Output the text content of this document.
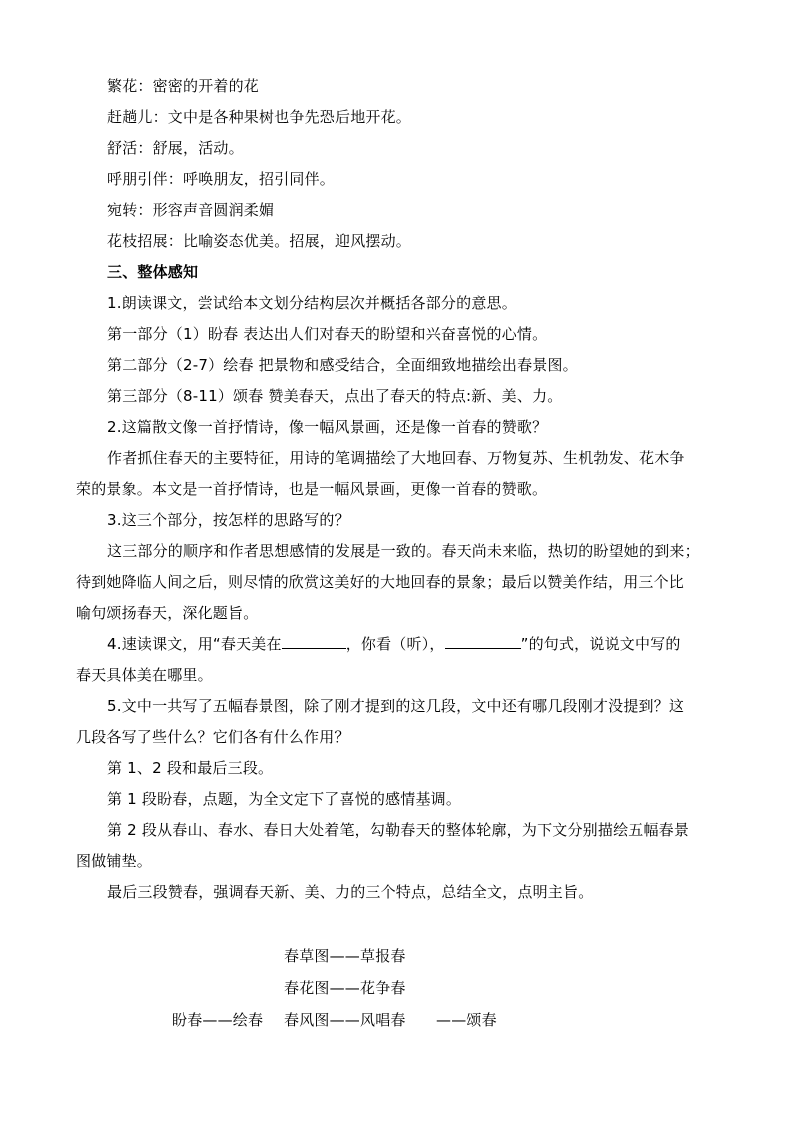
繁花：密密的开着的花
赶趟儿：文中是各种果树也争先恐后地开花。
舒活：舒展，活动。
呼朋引伴：呼唤朋友，招引同伴。
宛转：形容声音圆润柔媚
花枝招展：比喻姿态优美。招展，迎风摆动。
三、整体感知
1.朗读课文，尝试给本文划分结构层次并概括各部分的意思。
第一部分（1）盼春 表达出人们对春天的盼望和兴奋喜悦的心情。
第二部分（2-7）绘春 把景物和感受结合，全面细致地描绘出春景图。
第三部分（8-11）颂春 赞美春天，点出了春天的特点:新、美、力。
2.这篇散文像一首抒情诗，像一幅风景画，还是像一首春的赞歌？
作者抓住春天的主要特征，用诗的笔调描绘了大地回春、万物复苏、生机勃发、花木争
荣的景象。本文是一首抒情诗，也是一幅风景画，更像一首春的赞歌。
3.这三个部分，按怎样的思路写的？
这三部分的顺序和作者思想感情的发展是一致的。春天尚未来临，热切的盼望她的到来；
待到她降临人间之后，则尽情的欣赏这美好的大地回春的景象；最后以赞美作结，用三个比
喻句颂扬春天，深化题旨。
4.速读课文，用“春天美在	，你看（听），	”的句式，说说文中写的
春天具体美在哪里。
5.文中一共写了五幅春景图，除了刚才提到的这几段，文中还有哪几段刚才没提到？这
几段各写了些什么？它们各有什么作用？
第 1、2 段和最后三段。
第 1 段盼春，点题，为全文定下了喜悦的感情基调。
第 2 段从春山、春水、春日大处着笔，勾勒春天的整体轮廓，为下文分别描绘五幅春景
图做铺垫。
最后三段赞春，强调春天新、美、力的三个特点，总结全文，点明主旨。
春草图——草报春
春花图——花争春
盼春——绘春 春风图——风唱春 ——颂春
